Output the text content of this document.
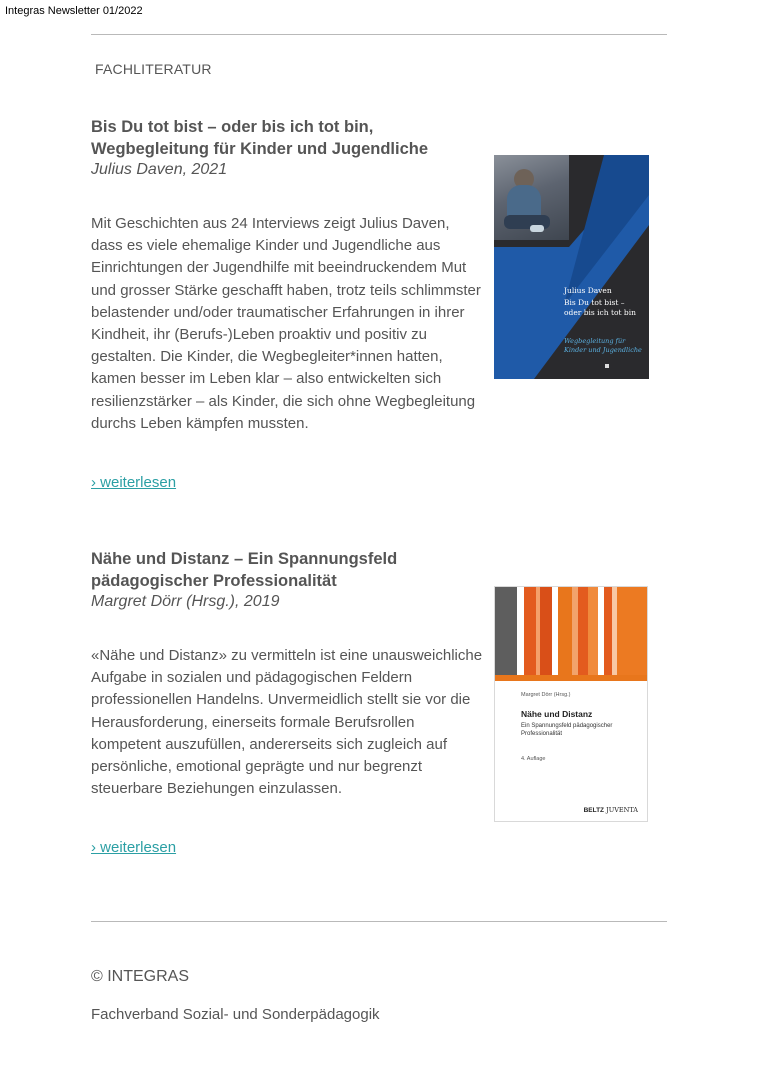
Integras Newsletter 01/2022
FACHLITERATUR
Bis Du tot bist – oder bis ich tot bin,
Wegbegleitung für Kinder und Jugendliche
Julius Daven, 2021
Mit Geschichten aus 24 Interviews zeigt Julius Daven, dass es viele ehemalige Kinder und Jugendliche aus Einrichtungen der Jugendhilfe mit beeindruckendem Mut und grosser Stärke geschafft haben, trotz teils schlimmster belastender und/oder traumatischer Erfahrungen in ihrer Kindheit, ihr (Berufs-)Leben proaktiv und positiv zu gestalten. Die Kinder, die Wegbegleiter*innen hatten, kamen besser im Leben klar – also entwickelten sich resilienzstärker – als Kinder, die sich ohne Wegbegleitung durchs Leben kämpfen mussten.
› weiterlesen
Julius Daven
Bis Du tot bist – oder bis ich tot bin
Wegbegleitung für Kinder und Jugendliche
Nähe und Distanz – Ein Spannungsfeld
pädagogischer Professionalität
Margret Dörr (Hrsg.), 2019
«Nähe und Distanz» zu vermitteln ist eine unausweichliche Aufgabe in sozialen und pädagogischen Feldern professionellen Handelns. Unvermeidlich stellt sie vor die Herausforderung, einerseits formale Berufsrollen kompetent auszufüllen, andererseits sich zugleich auf persönliche, emotional geprägte und nur begrenzt steuerbare Beziehungen einzulassen.
› weiterlesen
Margret Dörr (Hrsg.)
Nähe und Distanz
Ein Spannungsfeld pädagogischer Professionalität
4. Auflage
BELTZ JUVENTA
© INTEGRAS
Fachverband Sozial- und Sonderpädagogik
